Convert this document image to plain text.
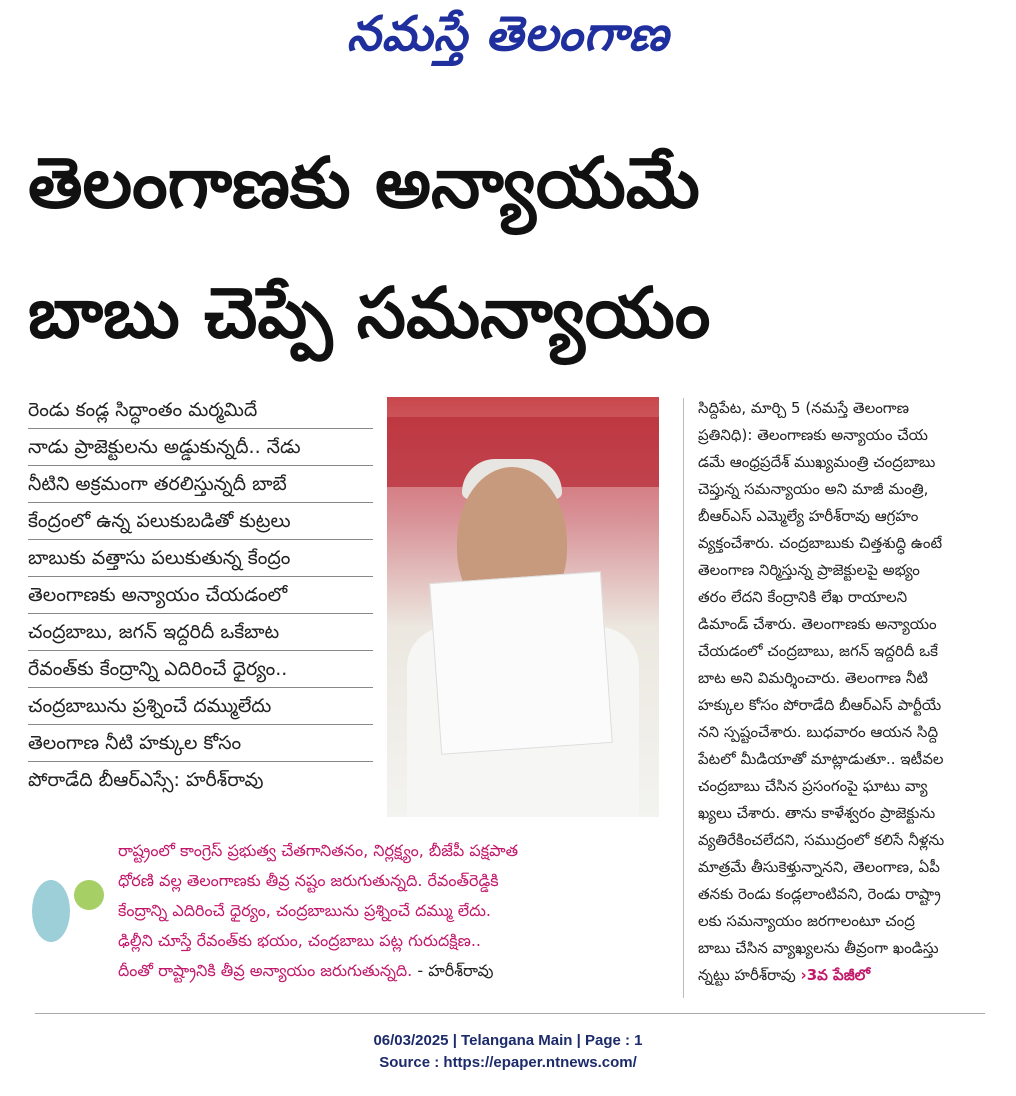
నమస్తే తెలంగాణ
తెలంగాణకు అన్యాయమే
బాబు చెప్పే సమన్యాయం
రెండు కండ్ల సిద్ధాంతం మర్మమిదే
నాడు ప్రాజెక్టులను అడ్డుకున్నదీ.. నేడు
నీటిని అక్రమంగా తరలిస్తున్నదీ బాబే
కేంద్రంలో ఉన్న పలుకుబడితో కుట్రలు
బాబుకు వత్తాసు పలుకుతున్న కేంద్రం
తెలంగాణకు అన్యాయం చేయడంలో
చంద్రబాబు, జగన్ ఇద్దరిదీ ఒకేబాట
రేవంత్‌కు కేంద్రాన్ని ఎదిరించే ధైర్యం..
చంద్రబాబును ప్రశ్నించే దమ్ములేదు
తెలంగాణ నీటి హక్కుల కోసం
పోరాడేది బీఆర్ఎస్సే: హరీశ్‌రావు
సిద్దిపేట, మార్చి 5 (నమస్తే తెలంగాణ
ప్రతినిధి): తెలంగాణకు అన్యాయం చేయ
డమే ఆంధ్రప్రదేశ్ ముఖ్యమంత్రి చంద్రబాబు
చెప్తున్న సమన్యాయం అని మాజీ మంత్రి,
బీఆర్ఎస్ ఎమ్మెల్యే హరీశ్‌రావు ఆగ్రహం
వ్యక్తంచేశారు. చంద్రబాబుకు చిత్తశుద్ధి ఉంటే
తెలంగాణ నిర్మిస్తున్న ప్రాజెక్టులపై అభ్యం
తరం లేదని కేంద్రానికి లేఖ రాయాలని
డిమాండ్ చేశారు. తెలంగాణకు అన్యాయం
చేయడంలో చంద్రబాబు, జగన్ ఇద్దరిదీ ఒకే
బాట అని విమర్శించారు. తెలంగాణ నీటి
హక్కుల కోసం పోరాడేది బీఆర్ఎస్ పార్టీయే
నని స్పష్టంచేశారు. బుధవారం ఆయన సిద్ది
పేటలో మీడియాతో మాట్లాడుతూ.. ఇటీవల
చంద్రబాబు చేసిన ప్రసంగంపై ఘాటు వ్యా
ఖ్యలు చేశారు. తాను కాళేశ్వరం ప్రాజెక్టును
వ్యతిరేకించలేదని, సముద్రంలో కలిసే నీళ్లను
మాత్రమే తీసుకెళ్తున్నానని, తెలంగాణ, ఏపీ
తనకు రెండు కండ్లలాంటివని, రెండు రాష్ట్రా
లకు సమన్యాయం జరగాలంటూ చంద్ర
బాబు చేసిన వ్యాఖ్యలను తీవ్రంగా ఖండిస్తు
న్నట్టు హరీశ్‌రావు ›3వ పేజీలో
రాష్ట్రంలో కాంగ్రెస్ ప్రభుత్వ చేతగానితనం, నిర్లక్ష్యం, బీజేపీ పక్షపాత
ధోరణి వల్ల తెలంగాణకు తీవ్ర నష్టం జరుగుతున్నది. రేవంత్‌రెడ్డికి
కేంద్రాన్ని ఎదిరించే ధైర్యం, చంద్రబాబును ప్రశ్నించే దమ్ము లేదు.
ఢిల్లీని చూస్తే రేవంత్‌కు భయం, చంద్రబాబు పట్ల గురుదక్షిణ..
దీంతో రాష్ట్రానికి తీవ్ర అన్యాయం జరుగుతున్నది. - హరీశ్‌రావు
06/03/2025 | Telangana Main | Page : 1
Source : https://epaper.ntnews.com/
